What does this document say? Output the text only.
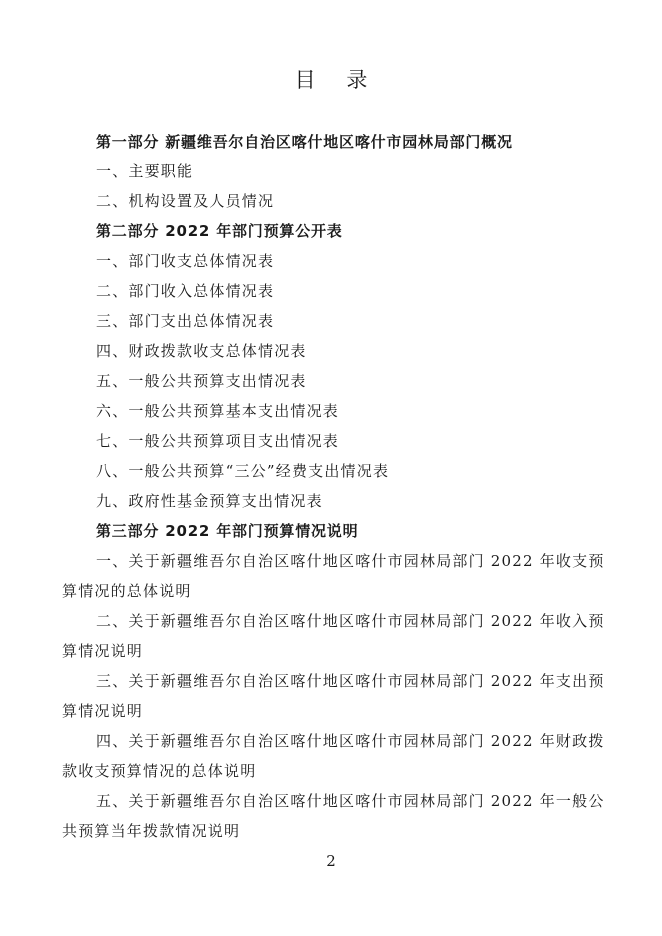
目 录
第一部分 新疆维吾尔自治区喀什地区喀什市园林局部门概况
一、主要职能
二、机构设置及人员情况
第二部分 2022 年部门预算公开表
一、部门收支总体情况表
二、部门收入总体情况表
三、部门支出总体情况表
四、财政拨款收支总体情况表
五、一般公共预算支出情况表
六、一般公共预算基本支出情况表
七、一般公共预算项目支出情况表
八、一般公共预算“三公”经费支出情况表
九、政府性基金预算支出情况表
第三部分 2022 年部门预算情况说明
一、关于新疆维吾尔自治区喀什地区喀什市园林局部门 2022 年收支预算情况的总体说明
二、关于新疆维吾尔自治区喀什地区喀什市园林局部门 2022 年收入预算情况说明
三、关于新疆维吾尔自治区喀什地区喀什市园林局部门 2022 年支出预算情况说明
四、关于新疆维吾尔自治区喀什地区喀什市园林局部门 2022 年财政拨款收支预算情况的总体说明
五、关于新疆维吾尔自治区喀什地区喀什市园林局部门 2022 年一般公共预算当年拨款情况说明
2
